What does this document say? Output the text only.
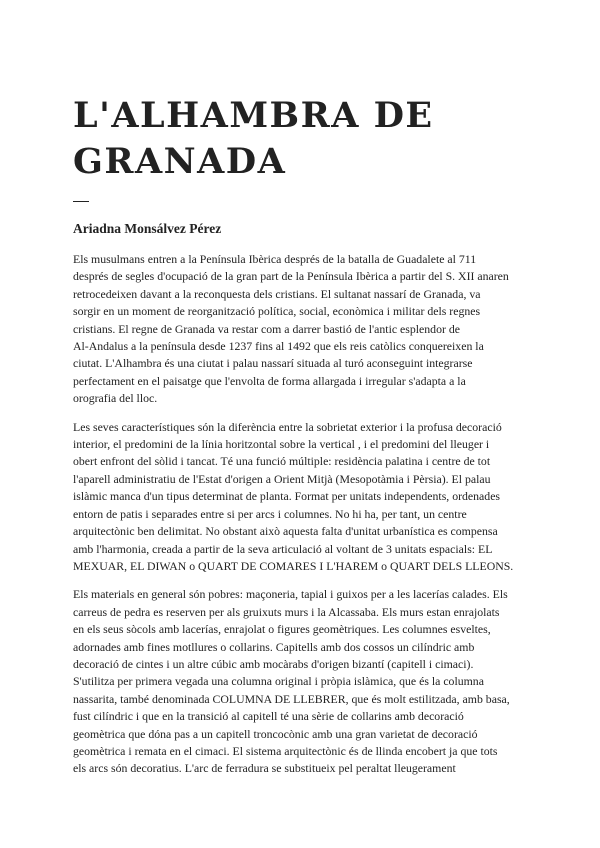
L'ALHAMBRA DE
GRANADA

Ariadna Monsálvez Pérez

Els musulmans entren a la Península Ibèrica després de la batalla de Guadalete al 711
després de segles d'ocupació de la gran part de la Península Ibèrica a partir del S. XII anaren
retrocedeixen davant a la reconquesta dels cristians. El sultanat nassarí de Granada, va
sorgir en un moment de reorganització política, social, econòmica i militar dels regnes
cristians. El regne de Granada va restar com a darrer bastió de l'antic esplendor de
Al-Andalus a la península desde 1237 fins al 1492 que els reis catòlics conquereixen la
ciutat. L'Alhambra és una ciutat i palau nassarí situada al turó aconseguint integrarse
perfectament en el paisatge que l'envolta de forma allargada i irregular s'adapta a la
orografia del lloc.

Les seves característiques són la diferència entre la sobrietat exterior i la profusa decoració
interior, el predomini de la línia horitzontal sobre la vertical , i el predomini del lleuger i
obert enfront del sòlid i tancat. Té una funció múltiple: residència palatina i centre de tot
l'aparell administratiu de l'Estat d'origen a Orient Mitjà (Mesopotàmia i Pèrsia). El palau
islàmic manca d'un tipus determinat de planta. Format per unitats independents, ordenades
entorn de patis i separades entre si per arcs i columnes. No hi ha, per tant, un centre
arquitectònic ben delimitat. No obstant això aquesta falta d'unitat urbanística es compensa
amb l'harmonia, creada a partir de la seva articulació al voltant de 3 unitats espacials: EL
MEXUAR, EL DIWAN o QUART DE COMARES I L'HAREM o QUART DELS LLEONS.

Els materials en general són pobres: maçoneria, tapial i guixos per a les lacerías calades. Els
carreus de pedra es reserven per als gruixuts murs i la Alcassaba. Els murs estan enrajolats
en els seus sòcols amb lacerías, enrajolat o figures geomètriques. Les columnes esveltes,
adornades amb fines motllures o collarins. Capitells amb dos cossos un cilíndric amb
decoració de cintes i un altre cúbic amb mocàrabs d'origen bizantí (capitell i cimaci).
S'utilitza per primera vegada una columna original i pròpia islàmica, que és la columna
nassarita, també denominada COLUMNA DE LLEBRER, que és molt estilitzada, amb basa,
fust cilíndric i que en la transició al capitell té una sèrie de collarins amb decoració
geomètrica que dóna pas a un capitell troncocònic amb una gran varietat de decoració
geomètrica i remata en el cimaci. El sistema arquitectònic és de llinda encobert ja que tots
els arcs són decoratius. L'arc de ferradura se substitueix pel peraltat lleugerament
